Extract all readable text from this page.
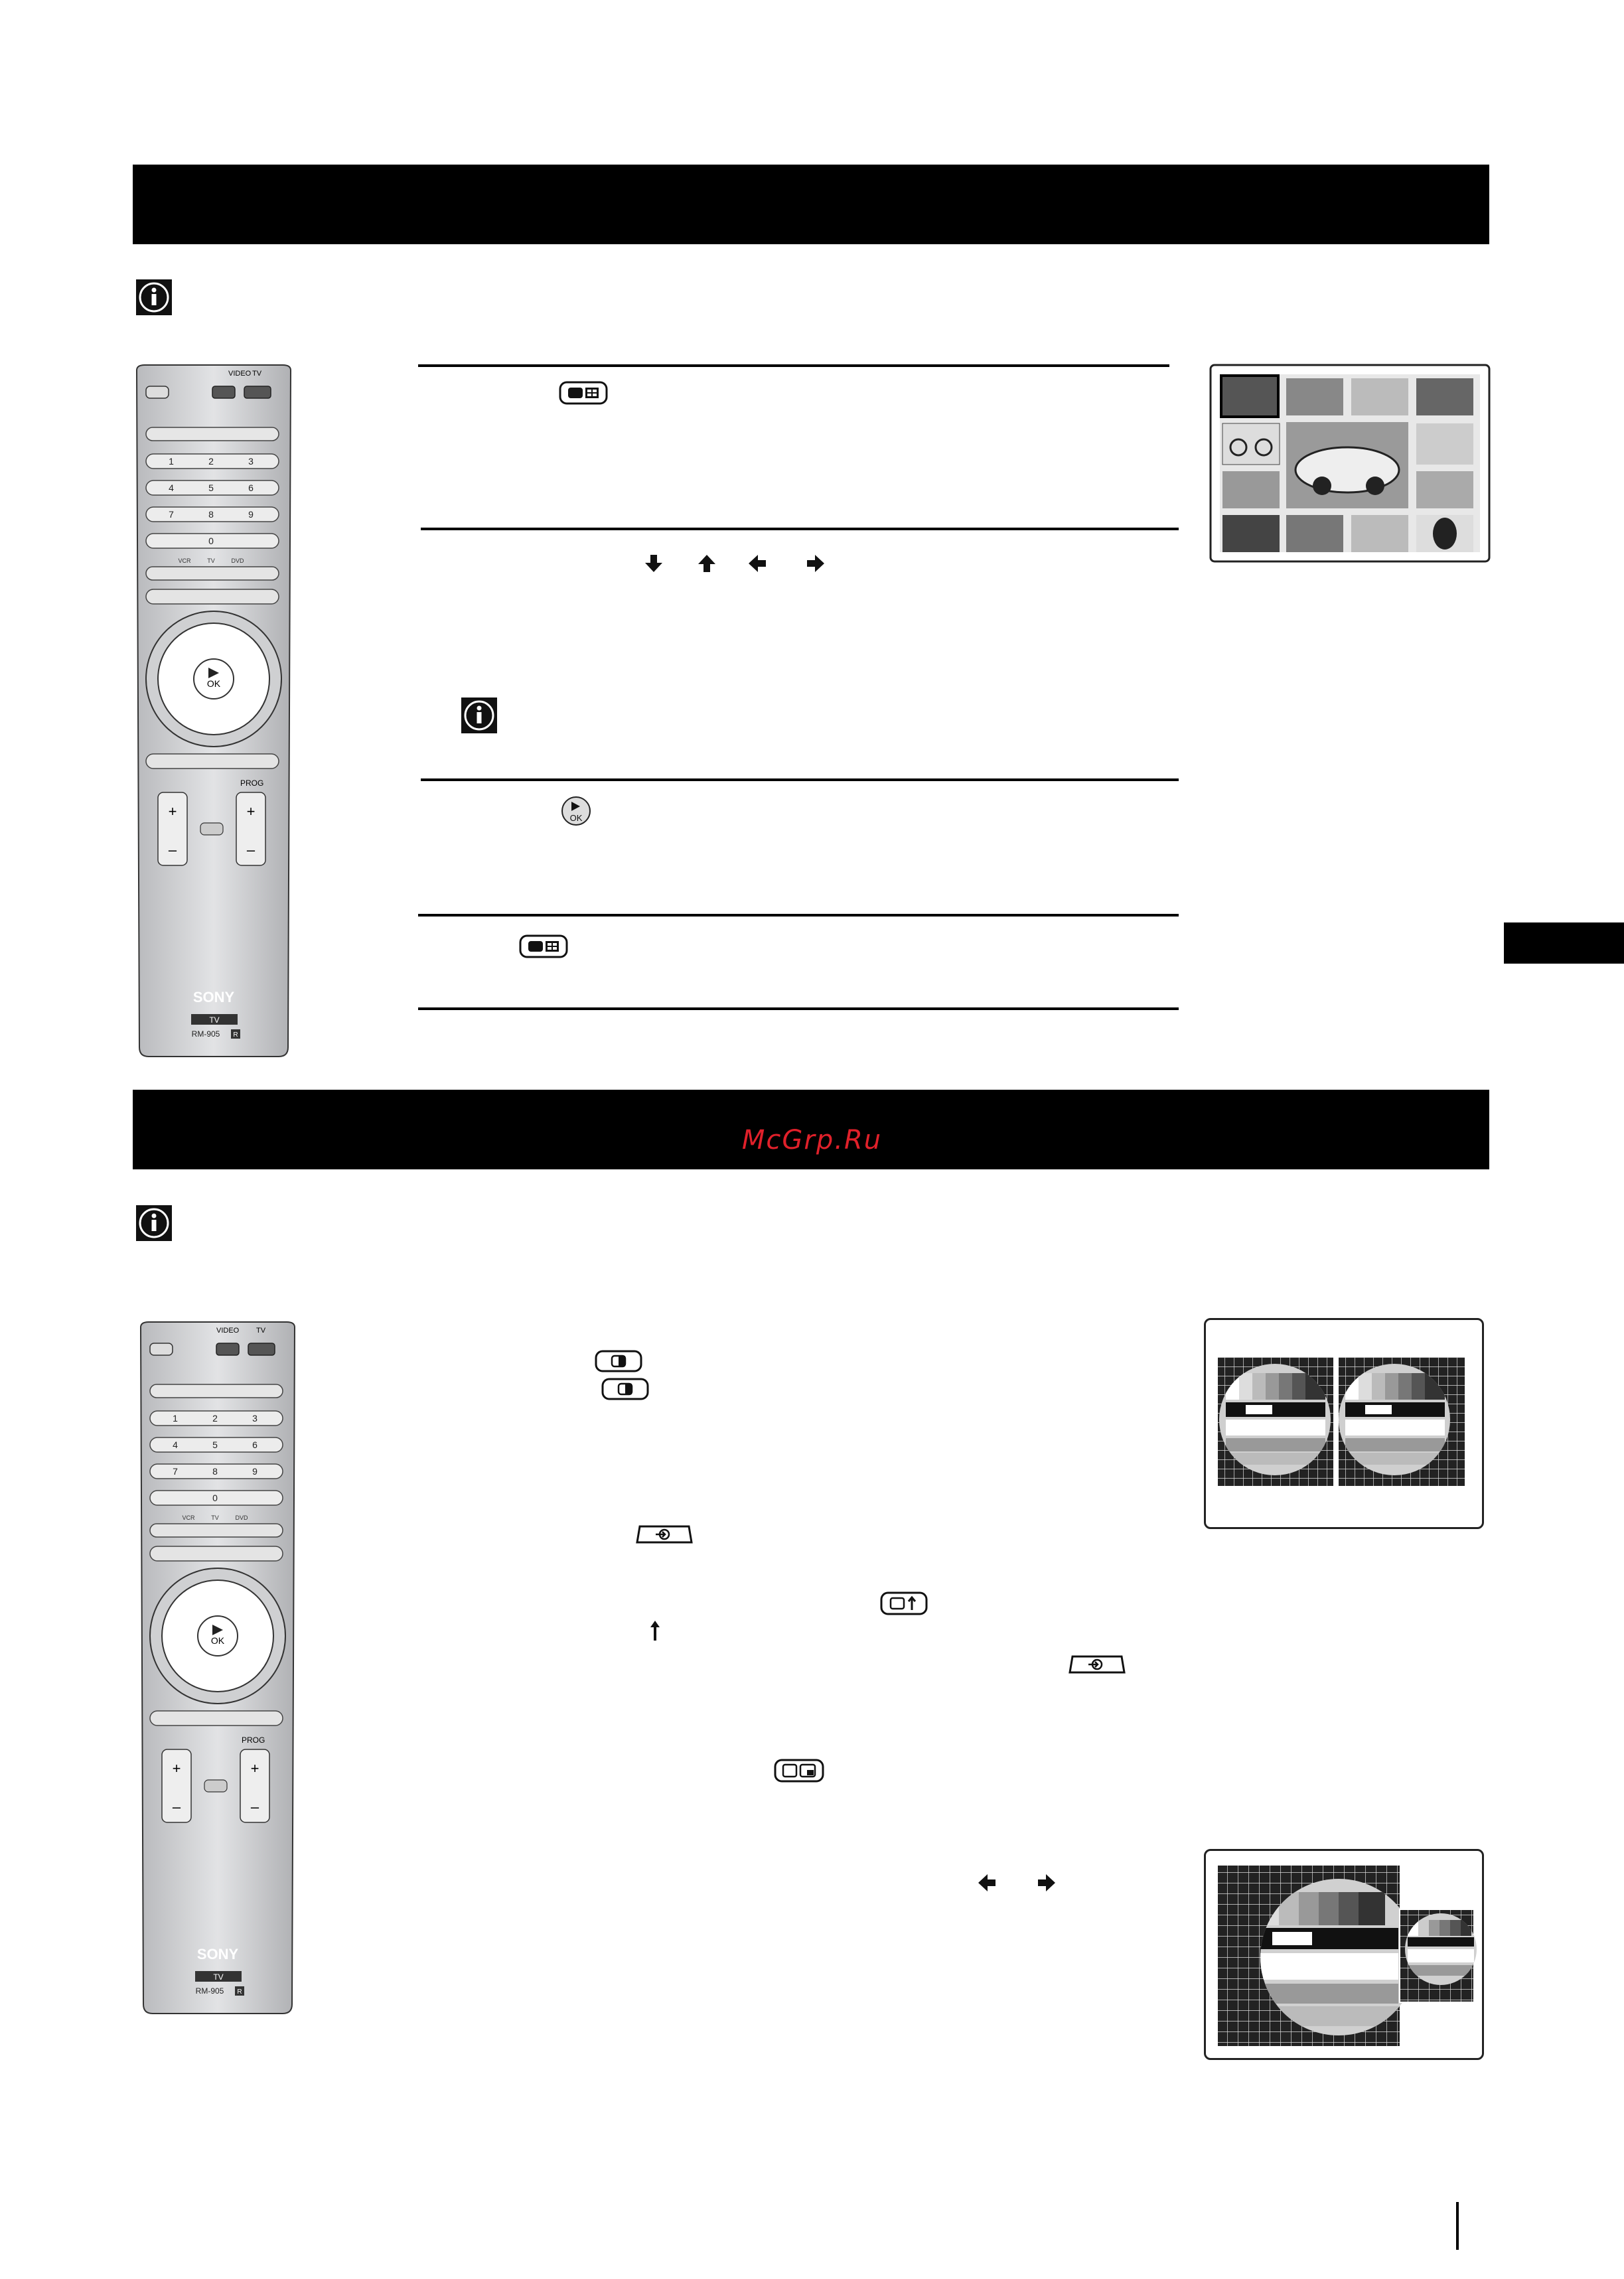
VIDEO TV
1	2	3
4	5	6
7	8	9
0
VCR	TV	DVD
OK
PROG
+
–
+
–
SONY
TV
RM-905 R
OK
McGrp.Ru
VIDEO TV
1	2	3
4	5	6
7	8	9
0
VCR	TV	DVD
OK
PROG
+
–
+
–
SONY
TV
RM-905 R
